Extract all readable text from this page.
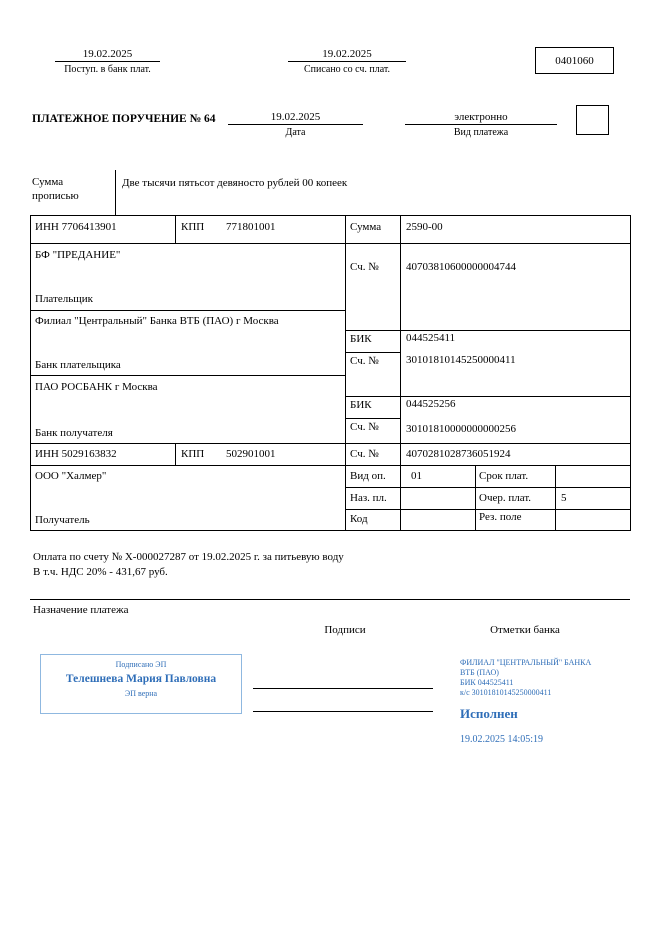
19.02.2025
Поступ. в банк плат.
19.02.2025
Списано со сч. плат.
0401060
ПЛАТЕЖНОЕ ПОРУЧЕНИЕ № 64	19.02.2025
Дата
электронно
Вид платежа
Сумма
прописью
Две тысячи пятьсот девяносто рублей 00 копеек
ИНН 7706413901	КПП 771801001	Сумма 2590-00
БФ "ПРЕДАНИЕ"
Сч. № 40703810600000004744
Плательщик
Филиал "Центральный" Банка ВТБ (ПАО) г Москва
БИК	044525411
Сч. № 30101810145250000411
Банк плательщика
ПАО РОСБАНК г Москва
БИК	044525256
Сч. № 30101810000000000256
Банк получателя
ИНН 5029163832	КПП 502901001	Сч. № 4070281028736051924
ООО "Халмер"
Получатель
Вид оп. 01	Срок плат.
Наз. пл.	Очер. плат.	5
Код	Рез. поле
Оплата по счету № Х-000027287 от 19.02.2025 г. за питьевую воду
В т.ч. НДС 20% - 431,67 руб.
Назначение платежа
Подписи	Отметки банка
Подписано ЭП
Телешнева Мария Павловна
ЭП верна
ФИЛИАЛ "ЦЕНТРАЛЬНЫЙ" БАНКА
ВТБ (ПАО)
БИК 044525411
к/с 30101810145250000411
Исполнен
19.02.2025 14:05:19
